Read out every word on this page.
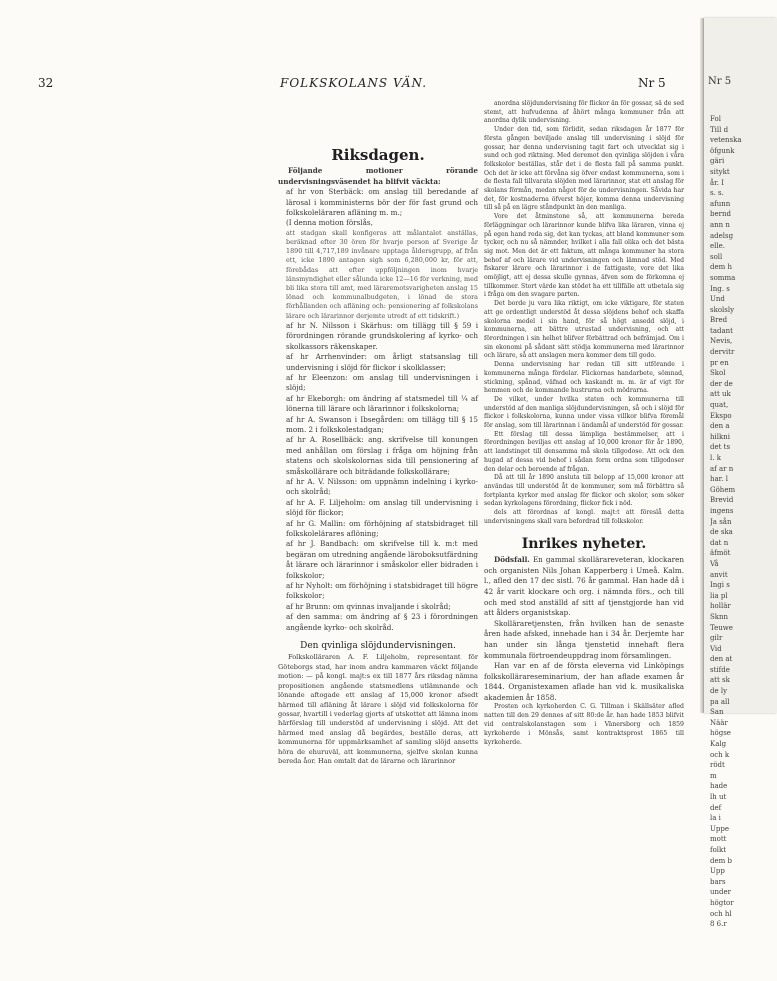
32	FOLKSKOLANS VÄN.	Nr 5
Riksdagen.

Följande motioner rörande undervisningsväsendet ha blifvit väckta:

af hr von Sterbäck: om anslag till beredande af lärosal i komministerns bör der för fast grund och folkskoleläraren afläning m. m.;

(I denna motion förslås,

att stadgan skall konfigeras att målantalet anställas, beräknad efter 30 ören för hvarje person af Sverige år 1890 till 4,717,189 invånare upptaga åldersgrupp, af från ett, icke 1890 antagen sigh som 6,280,000 kr, för att, förebådas att efter uppföljningen inom hvarje länsmyndighet eller sålunda icke 12—16 för verkning, med bli lika stora till amt, med läraremotsvarigheten anslag 15 lönad och kommunalbudgeten, i lönad de stora förhållanden och afläning och: pensionering af folkskolans lärare och lärarinnor derjemte utredt af ett tidskrift.)

af hr N. Nilsson i Skärhus: om tillägg till § 59 i förordningen rörande grundskolering af kyrko- och skolkassors räkenskaper.

af hr Arrhenvinder: om årligt statsanslag till undervisning i slöjd för flickor i skolklasser;

af hr Eleenzon: om anslag till undervisningen i slöjd;

af hr Ekeborgh: om ändring af statsmedel till ¼ af lönerna till lärare och lärarinnor i folkskolorna;

af hr A. Swanson i Ibsegården: om tillägg till § 15 mom. 2 i folkskolestadgan;

af hr A. Rosellbäck: ang. skrifvelse till konungen med anhållan om förslag i fråga om höjning från statens och skolskolornas sida till pensionering af småskollärare och biträdande folkskollärare;

af hr A. V. Nilsson: om uppnämn indelning i kyrko- och skolråd;

af hr A. F. Liljeholm: om anslag till undervisning i slöjd för flickor;

af hr G. Mallin: om förhöjning af statsbidraget till folkskolelärares aflöning;

af hr J. Bandbach: om skrifvelse till k. m:t med begäran om utredning angående läroboksutfärdning åt lärare och lärarinnor i småskolor eller bidraden i folkskolor;

af hr Nyholt: om förhöjning i statsbidraget till högre folkskolor;

af hr Brunn: om qvinnas invaljande i skolråd;

af den samma: om ändring af § 23 i förordningen angående kyrko- och skolråd.

Den qvinliga slöjdundervisningen.

Folkskolläraren A. F. Liljeholm, representant för Göteborgs stad, har inom andra kammaren väckt följande motion: — på kongl. majt:s ex till 1877 års riksdag nämna propositionen angående statsmedlens utlämnande och lönande aftogade ett anslag af 15,000 kronor afsedt härmed till afläning åt lärare i slöjd vid folkskolorna för gossar, hvartill i vederlag gjorts af utskottet att lämna inom härförslag till understöd af undervisning i slöjd. Att det härmed med anslag då begärdes, beställe deras, att kommunerna för uppmärksamhet af samling slöjd ansetts höra de ehuruväl, att kommunerna, sjelfve skolan kunna bereda åor. Han omtalt dat de lärarne och lärarinnor

anordna slöjdundervisning för flickor än för gossar, så de sed stemt, att hufvudenna af åhört många kommuner från att anordna dylik undervisning.

Under den tid, som förlidit, sedan riksdagen år 1877 för första gången beviljade anslag till undervisning i slöjd för gossar, har denna undervisning tagit fart och utvecklat sig i sund och god riktning. Med deremot den qvinliga slöjden i våra folkskolor beställas, står det i de flesta fall på samma punkt. Och det är icke att förvåna sig öfver endast kommunerna, som i de flesta fall tillvarata slöjden med lärarinnor, stat ett anslag för skolans förmån, medan något för de undervisningen. Såvida har det, för kostnaderna öfverst höjer, komma denna undervisning till så på en lägre ståndpunkt än den manliga.

Vore det åtminstone så, att kommunerna bereda förläggningar och lärarinnor kunde blifva lika läraren, vinna ej på egen hand reda sig, det kan tyckas, att bland kommuner som tycker, och nu så nämnder, hvilket i alla fall olika och det bästa sig mot. Men det är ett faktum, att många kommuner ha stora behof af och lärare vid undervisningen och lämnad stöd. Med fiskarer lärare och lärarinnor i de fattigaste, vore det lika omöjligt, att ej dessa skulle gynnas, äfven som de förkomna ej tillkommer. Stort värde kan stödet ha ett tillfälle att utbetala sig i fråga om den svagare parten.

Det borde ju vara lika riktigt, om icke viktigare, för staten att ge ordentligt understöd åt dessa slöjdens behof och skaffa skolorna medel i sin hand, för så högt ansedd slöjd, i kommunerna, att bättre utrustad undervisning, och att förordningen i sin helhet blifver förbättrad och befrämjad. Om i sin ekonomi på sådant sätt stödja kommunerna med lärarinnor och lärare, så att anslagen mera kommer dem till godo.

Denna undervisning har redan till sitt utförande i kommunerna många fördelar. Flickornas handarbete, sömnad, stickning, spånad, väfnad och kaskandt m. m. är af vigt för hemmen och de kommande hustrurna och mödrarna.

De vilket, under hvilka staten och kommunerna till understöd af den manliga slöjdundervisningen, så och i slöjd för flickor i folkskolorna, kunna under vissa villkor blifva föremål för anslag, som till lärarinnan i ändamål af understöd för gossar.

Ett förslag till dessa lämpliga bestämmelser, att i förordningen beviljas ett anslag af 10,000 kronor för år 1890, att landstinget till densamma må skola tillgodose. Att ock den hugad af dessa vid behof i sådan form ordna som tillgodoser den delar och beroende af frågan.

Då att till år 1890 ansluta till belopp af 15,000 kronor att användas till understöd åt de kommuner, som må förbättra så fortplanta kyrkor med anslag för flickor och skolor, som söker sedan kyrkolagens förordning, flickor fick i nöd.

dels att förordnas af kongl. majt:t att föreslå detta undervisningens skall vara befordrad till folkskolor.

Inrikes nyheter.

Dödsfall. En gammal skollärareveteran, klockaren och organisten Nils Johan Kapperberg i Umeå. Kalm. l., afled den 17 dec sistl. 76 år gammal. Han hade då i 42 år varit klockare och org. i nämnda förs., och till och med stod anställd af sitt af tjenstgjorde han vid att ålders organistskap.

Skolläraretjensten, från hvilken han de senaste åren hade afsked, innehade han i 34 år. Derjemte har han under sin långa tjenstetid innehaft flera kommunala förtroendeuppdrag inom församlingen.

Han var en af de första eleverna vid Linköpings folkskollärareseminarium, der han aflade examen år 1844. Organistexamen aflade han vid k. musikaliska akademien år 1858.

Prosten och kyrkoherden C. G. Tillman i Skällsäter afled natten till den 29 dennes af sitt 80:de år. han hade 1853 blifvit vid centralskolanstagen som i Vänersborg och 1859 kyrkoherde i Mönsås, samt kontraktsprost 1865 till kyrkoherde.

Nr 5
Fol
Till d
vetenskа
öfgunk
gäri
sitykt
år. I
s. s.
afunn
bernd
ann n
adelsg
elle.
soll
dem h
somma
Ing. s
Und
skolsly
Bred
tadant
Nevis,
dervitr
pr en
Skol
der de
att uk
quat,
Ekspo
den a
hilkni
det ts
l. k
af ar n
har. l
Göhem
Brevid
ingens
Ja sån
de ska
dat n
äfmöt
Vå
anvit
Ingi s
lia pl
hollär
Sknn
Teuwe
gilr
Vid
den at
stifde
att sk
de ly
pa all
San
Näär
högse
Kalg
och k
rödt
m
hade
lh ut
def
la i
Uppe
mott
folkt
dem b
Upp
bars
under
högtor
och hl
8 6.r
